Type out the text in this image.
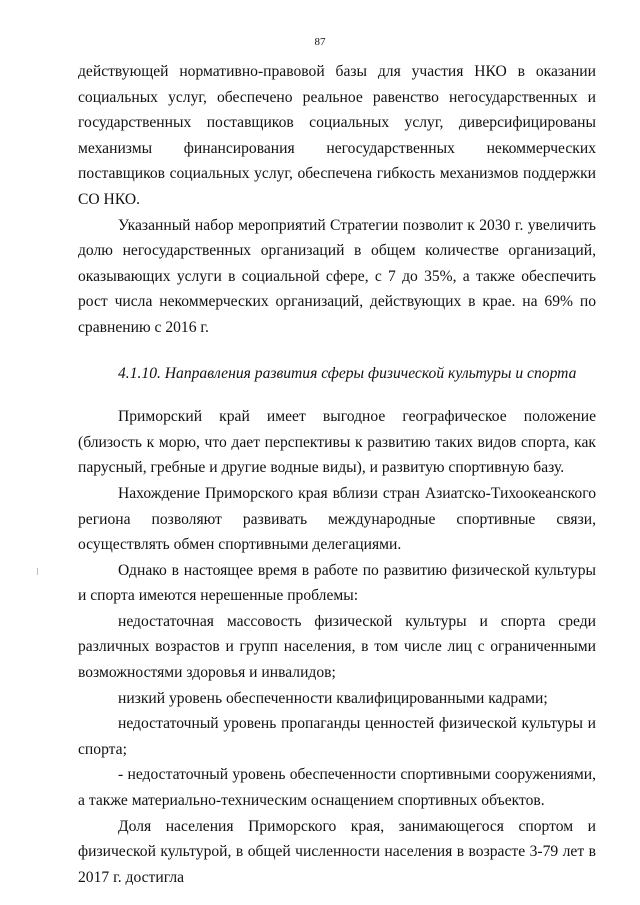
87

действующей нормативно-правовой базы для участия НКО в оказании социальных услуг, обеспечено реальное равенство негосударственных и государственных поставщиков социальных услуг, диверсифицированы механизмы финансирования негосударственных некоммерческих поставщиков социальных услуг, обеспечена гибкость механизмов поддержки СО НКО.

Указанный набор мероприятий Стратегии позволит к 2030 г. увеличить долю негосударственных организаций в общем количестве организаций, оказывающих услуги в социальной сфере, с 7 до 35%, а также обеспечить рост числа некоммерческих организаций, действующих в крае. на 69% по сравнению с 2016 г.

4.1.10. Направления развития сферы физической культуры и спорта

Приморский край имеет выгодное географическое положение (близость к морю, что дает перспективы к развитию таких видов спорта, как парусный, гребные и другие водные виды), и развитую спортивную базу.

Нахождение Приморского края вблизи стран Азиатско-Тихоокеанского региона позволяют развивать международные спортивные связи, осуществлять обмен спортивными делегациями.

Однако в настоящее время в работе по развитию физической культуры и спорта имеются нерешенные проблемы:

недостаточная массовость физической культуры и спорта среди различных возрастов и групп населения, в том числе лиц с ограниченными возможностями здоровья и инвалидов;

низкий уровень обеспеченности квалифицированными кадрами;

недостаточный уровень пропаганды ценностей физической культуры и спорта;

- недостаточный уровень обеспеченности спортивными сооружениями, а также материально-техническим оснащением спортивных объектов.

Доля населения Приморского края, занимающегося спортом и физической культурой, в общей численности населения в возрасте 3-79 лет в 2017 г. достигла
